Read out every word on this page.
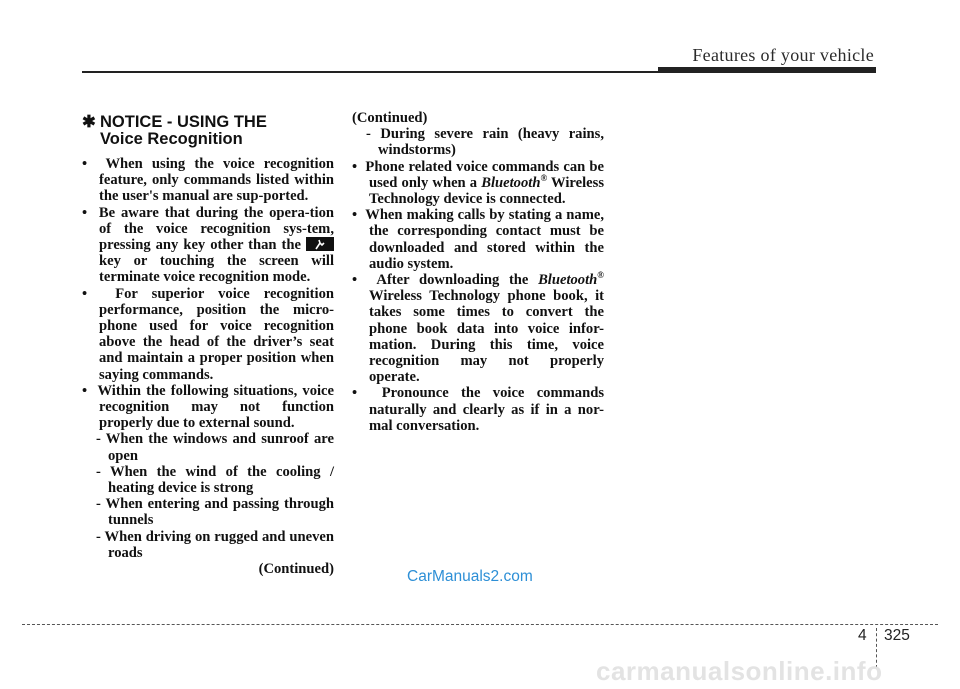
Features of your vehicle
✱ NOTICE - USING THE
Voice Recognition

•  When using the voice recognition feature, only commands listed within the user's manual are sup-ported.

•  Be aware that during the opera-tion of the voice recognition sys-tem, pressing any key other than the
key or touching the screen will terminate voice recognition mode.

•  For superior voice recognition performance, position the micro-phone used for voice recognition above the head of the driver’s seat and maintain a proper position when saying commands.

•  Within the following situations, voice recognition may not function properly due to external sound.

- When the windows and sunroof are open

- When the wind of the cooling / heating device is strong

- When entering and passing through tunnels

- When driving on rugged and uneven roads

(Continued)

(Continued)

- During severe rain (heavy rains, windstorms)

•  Phone related voice commands can be used only when a Bluetooth® Wireless Technology device is connected.

•  When making calls by stating a name, the corresponding contact must be downloaded and stored within the audio system.

•  After downloading the Bluetooth® Wireless Technology phone book, it takes some times to convert the phone book data into voice infor-mation. During this time, voice recognition may not properly operate.

•  Pronounce the voice commands naturally and clearly as if in a nor-mal conversation.

CarManuals2.com
4 325
carmanualsonline.info
